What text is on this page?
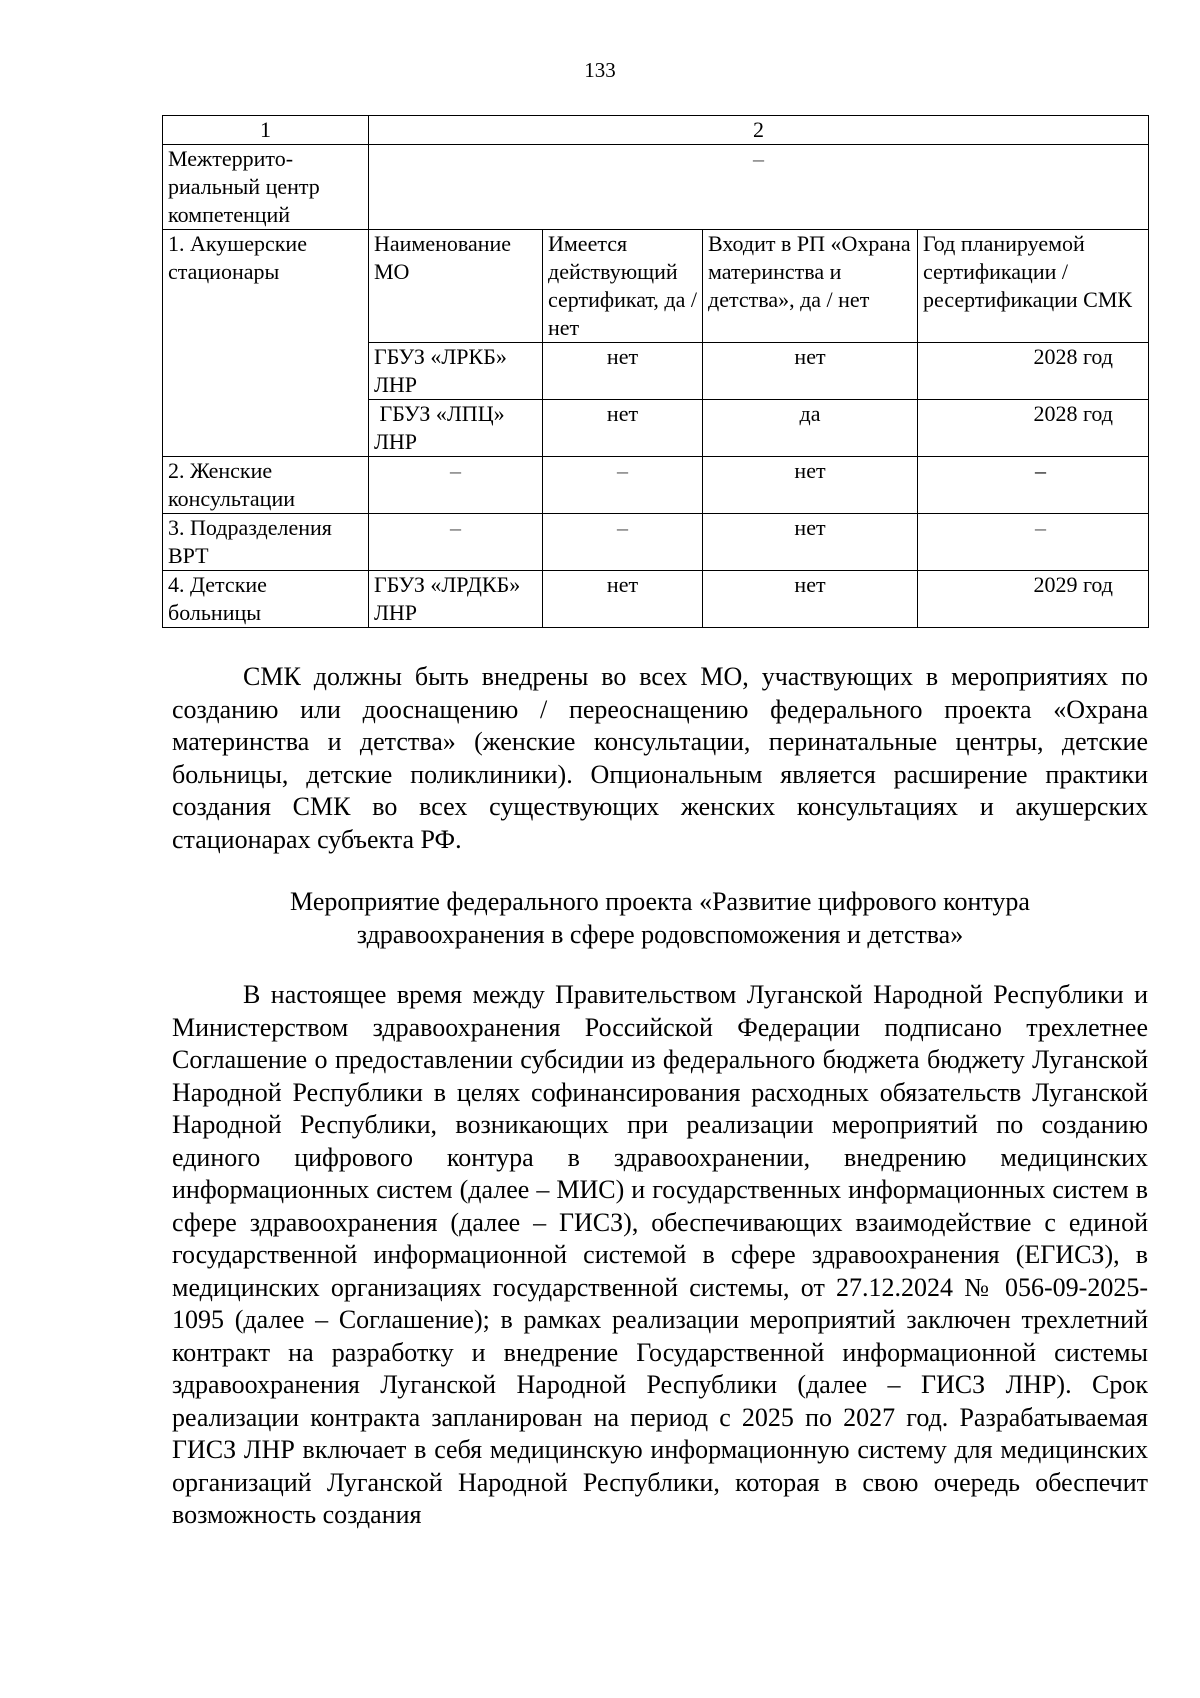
133
1	2			
Межтеррито-риальный центр компетенций	–			
1. Акушерские стационары	Наименование МО	Имеется действующий сертификат, да / нет	Входит в РП «Охрана материнства и детства», да / нет	Год планируемой сертификации / ресертификации СМК
	ГБУЗ «ЛРКБ» ЛНР	нет	нет	2028 год
	ГБУЗ «ЛПЦ» ЛНР	нет	да	2028 год
2. Женские консультации	–	–	нет	–
3. Подразделения ВРТ	–	–	нет	–
4. Детские больницы	ГБУЗ «ЛРДКБ» ЛНР	нет	нет	2029 год

СМК должны быть внедрены во всех МО, участвующих в мероприятиях по созданию или дооснащению / переоснащению федерального проекта «Охрана материнства и детства» (женские консультации, перинатальные центры, детские больницы, детские поликлиники). Опциональным является расширение практики создания СМК во всех существующих женских консультациях и акушерских стационарах субъекта РФ.

Мероприятие федерального проекта «Развитие цифрового контура
здравоохранения в сфере родовспоможения и детства»

В настоящее время между Правительством Луганской Народной Республики и Министерством здравоохранения Российской Федерации подписано трехлетнее Соглашение о предоставлении субсидии из федерального бюджета бюджету Луганской Народной Республики в целях софинансирования расходных обязательств Луганской Народной Республики, возникающих при реализации мероприятий по созданию единого цифрового контура в здравоохранении, внедрению медицинских информационных систем (далее – МИС) и государственных информационных систем в сфере здравоохранения (далее – ГИСЗ), обеспечивающих взаимодействие с единой государственной информационной системой в сфере здравоохранения (ЕГИСЗ), в медицинских организациях государственной системы, от 27.12.2024 № 056-09-2025-1095 (далее – Соглашение); в рамках реализации мероприятий заключен трехлетний контракт на разработку и внедрение Государственной информационной системы здравоохранения Луганской Народной Республики (далее – ГИСЗ ЛНР). Срок реализации контракта запланирован на период с 2025 по 2027 год. Разрабатываемая ГИСЗ ЛНР включает в себя медицинскую информационную систему для медицинских организаций Луганской Народной Республики, которая в свою очередь обеспечит возможность создания
